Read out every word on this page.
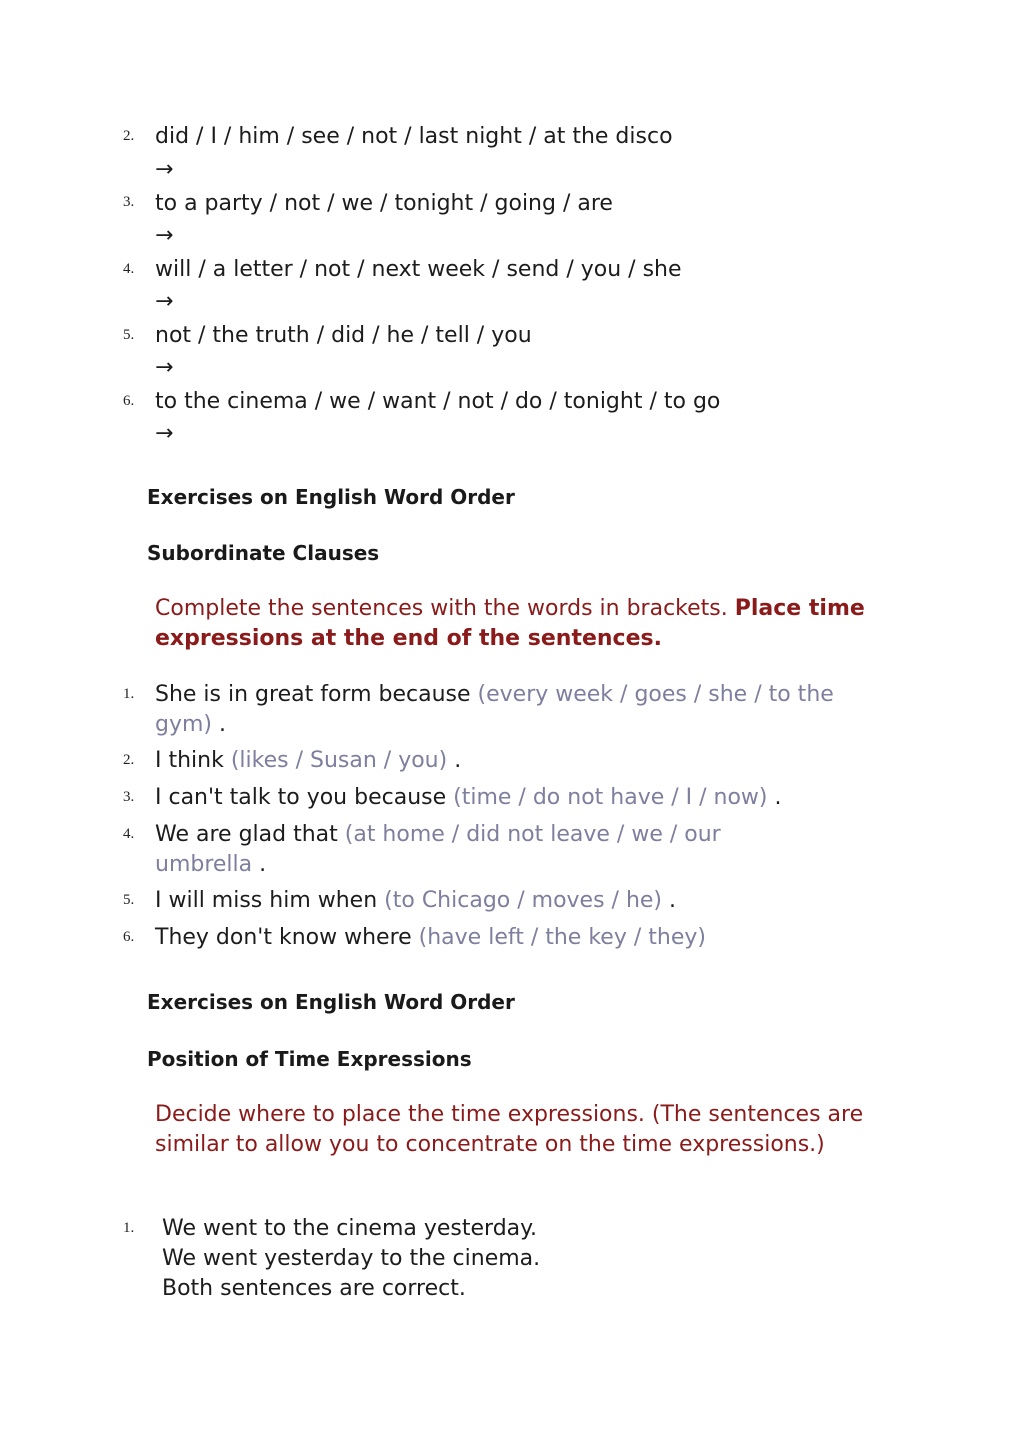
2. did / I / him / see / not / last night / at the disco
→
3. to a party / not / we / tonight / going / are
→
4. will / a letter / not / next week / send / you / she
→
5. not / the truth / did / he / tell / you
→
6. to the cinema / we / want / not / do / tonight / to go
→
Exercises on English Word Order
Subordinate Clauses
Complete the sentences with the words in brackets. Place time expressions at the end of the sentences.
1. She is in great form because (every week / goes / she / to the
gym) .
2. I think (likes / Susan / you) .
3. I can't talk to you because (time / do not have / I / now) .
4. We are glad that (at home / did not leave / we / our
umbrella .
5. I will miss him when (to Chicago / moves / he) .
6. They don't know where (have left / the key / they)
Exercises on English Word Order
Position of Time Expressions
Decide where to place the time expressions. (The sentences are similar to allow you to concentrate on the time expressions.)
1. We went to the cinema yesterday.
We went yesterday to the cinema.
Both sentences are correct.
